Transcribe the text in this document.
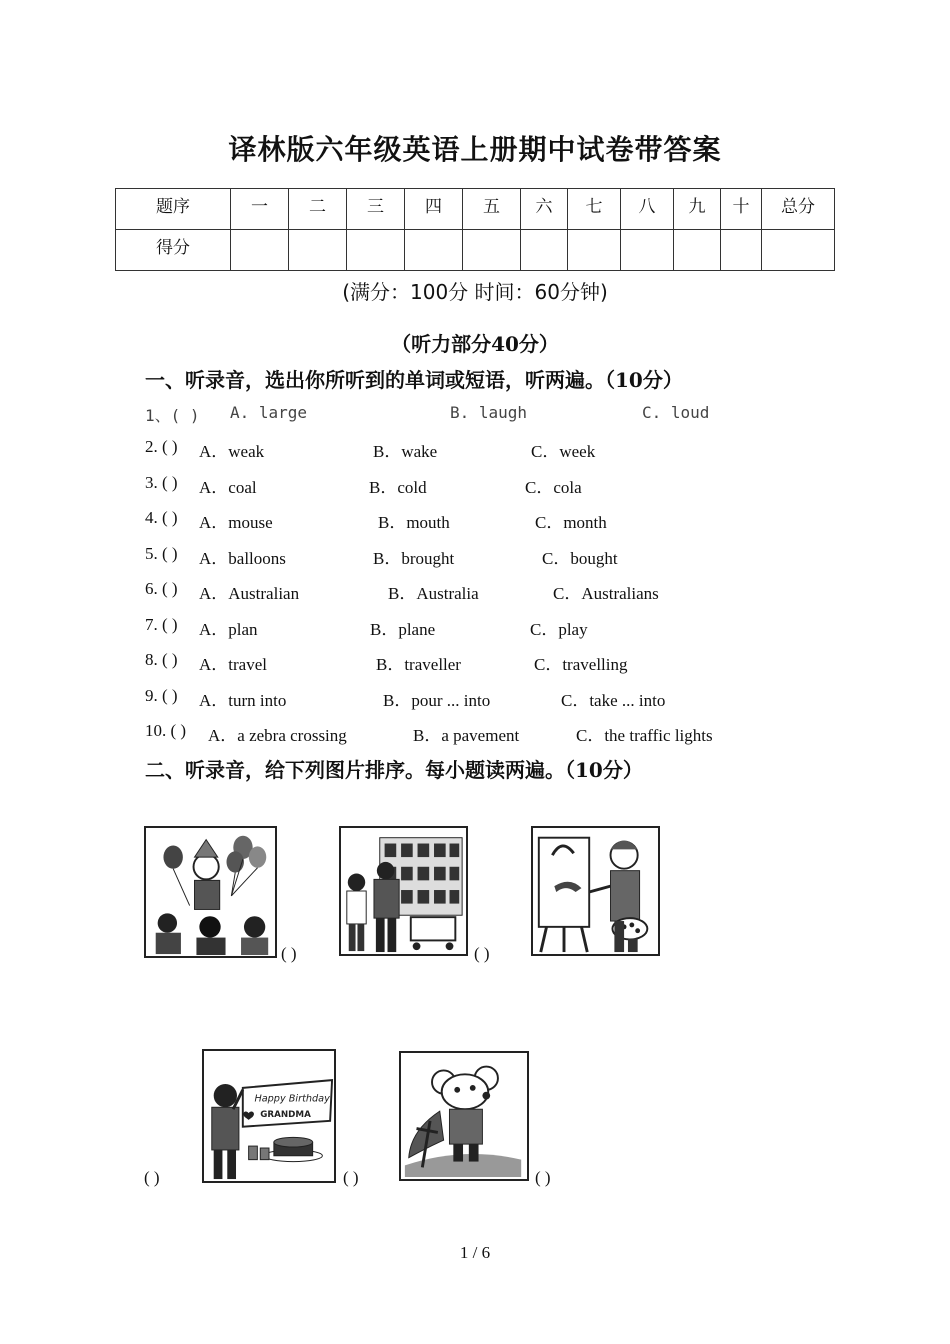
译林版六年级英语上册期中试卷带答案
题序	一	二	三	四	五	六	七	八	九	十	总分
得分											
(满分：100分 时间：60分钟)
（听力部分40分）
一、听录音，选出你所听到的单词或短语，听两遍。（10分）
1、( ) A. large	B. laugh	C. loud
2. ( ) A．weak	B．wake	C．week
3. ( ) A．coal	B．cold	C．cola
4. ( ) A．mouse	B．mouth	C．month
5. ( ) A．balloons	B．brought	C．bought
6. ( ) A．Australian	B．Australia	C．Australians
7. ( ) A．plan	B．plane	C．play
8. ( ) A．travel	B．traveller	C．travelling
9. ( ) A．turn into	B．pour ... into	C．take ... into
10. ( ) A．a zebra crossing	B．a pavement	C．the traffic lights
二、听录音，给下列图片排序。每小题读两遍。（10分）
( )	( )
( )
Happy Birthday
GRANDMA
( )	( )
1 / 6
